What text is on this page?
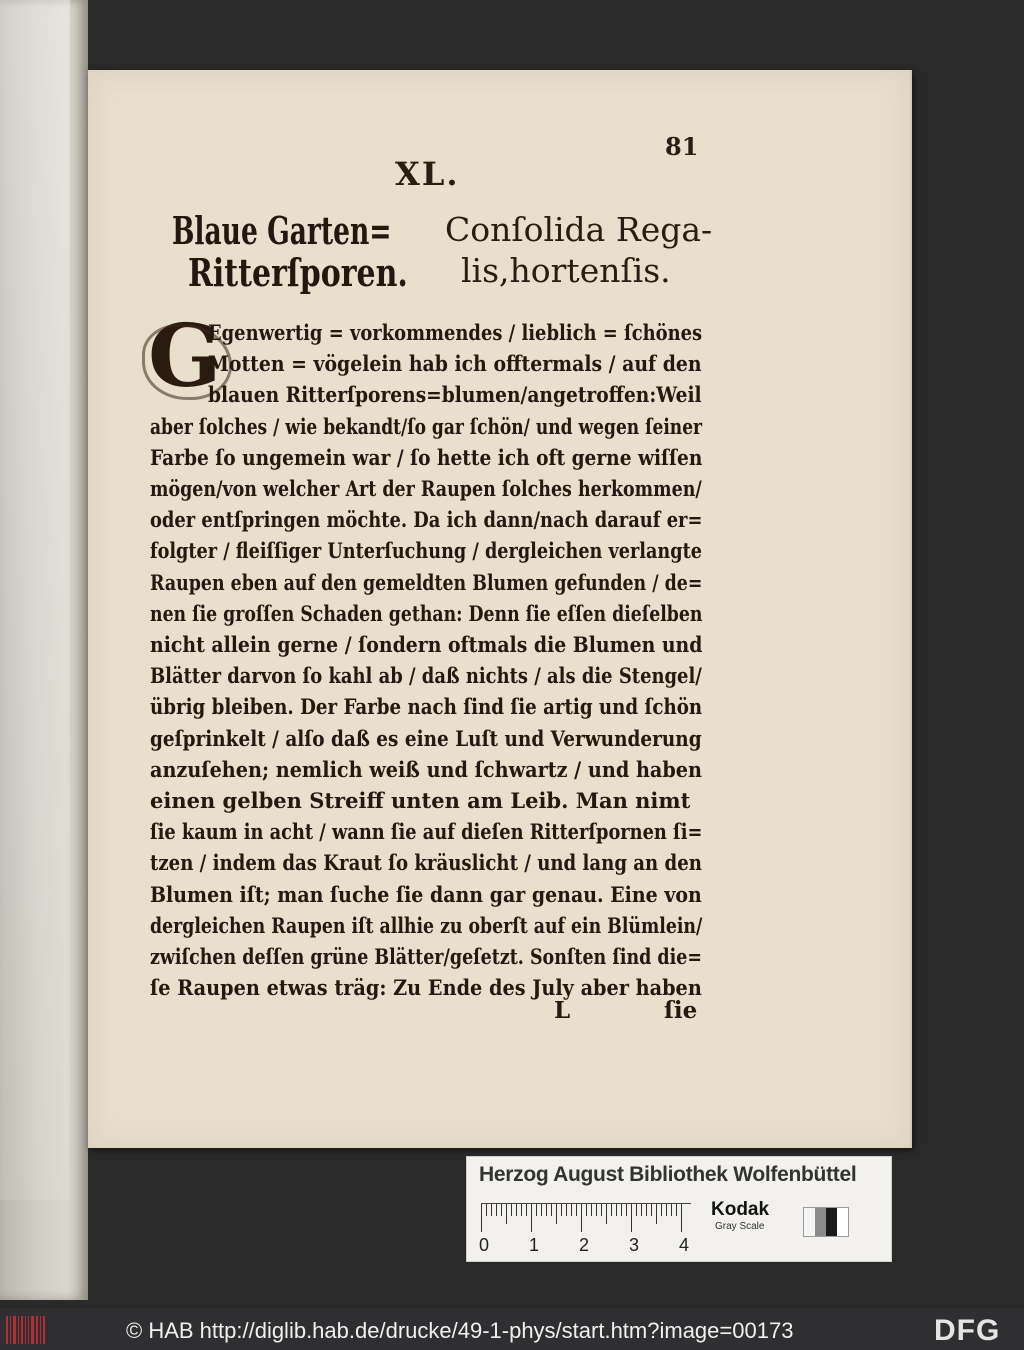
81
XL.
Blaue Garten=
Ritterſporen.
Conſolida Rega-
lis,hortenſis.
G
Egenwertig = vorkommendes / lieblich = ſchönes
Motten = vögelein hab ich offtermals / auf den
blauen Ritterſporens=blumen/angetroffen:Weil
aber ſolches / wie bekandt/ſo gar ſchön/ und wegen ſeiner
Farbe ſo ungemein war / ſo hette ich oft gerne wiſſen
mögen/von welcher Art der Raupen ſolches herkommen/
oder entſpringen möchte. Da ich dann/nach darauf er=
folgter / fleiſſiger Unterſuchung / dergleichen verlangte
Raupen eben auf den gemeldten Blumen gefunden / de=
nen ſie groſſen Schaden gethan: Denn ſie eſſen dieſelben
nicht allein gerne / ſondern oftmals die Blumen und
Blätter darvon ſo kahl ab / daß nichts / als die Stengel/
übrig bleiben. Der Farbe nach ſind ſie artig und ſchön
geſprinkelt / alſo daß es eine Luſt und Verwunderung
anzuſehen; nemlich weiß und ſchwartz / und haben
einen gelben Streiff unten am Leib. Man nimt
ſie kaum in acht / wann ſie auf dieſen Ritterſpornen ſi=
tzen / indem das Kraut ſo kräuslicht / und lang an den
Blumen iſt; man ſuche ſie dann gar genau. Eine von
dergleichen Raupen iſt allhie zu oberſt auf ein Blümlein/
zwiſchen deſſen grüne Blätter/geſetzt. Sonſten ſind die=
ſe Raupen etwas träg: Zu Ende des July aber haben
L	ſie
Herzog August Bibliothek Wolfenbüttel
0 1 2 3 4
Kodak
Gray Scale
© HAB http://diglib.hab.de/drucke/49-1-phys/start.htm?image=00173	DFG
